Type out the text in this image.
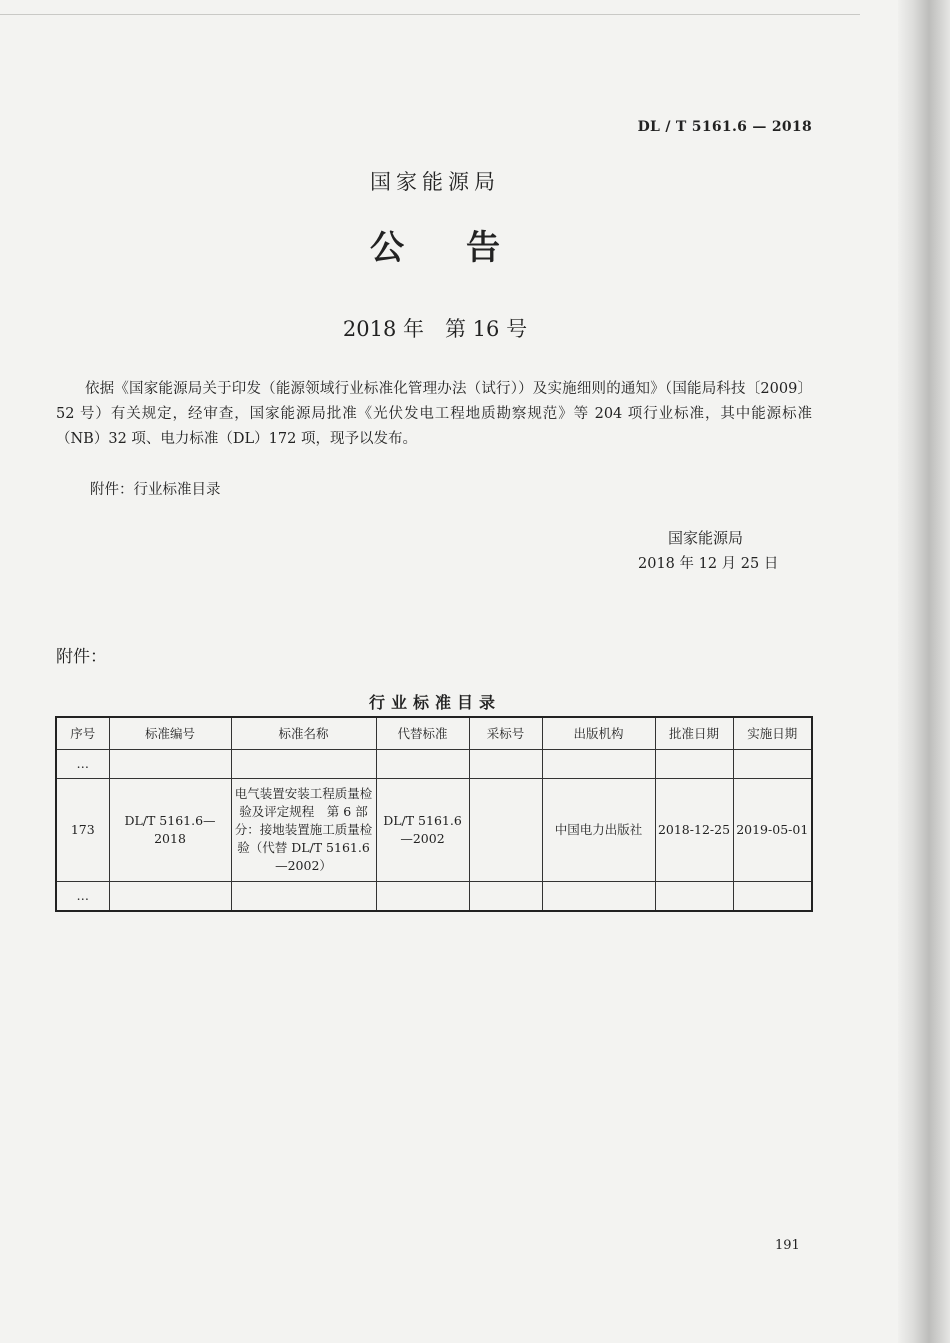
DL / T 5161.6 — 2018
国家能源局
公告
2018 年　第 16 号
依据《国家能源局关于印发（能源领域行业标准化管理办法（试行））及实施细则的通知》（国能局科技〔2009〕52 号）有关规定，经审查，国家能源局批准《光伏发电工程地质勘察规范》等 204 项行业标准，其中能源标准（NB）32 项、电力标准（DL）172 项，现予以发布。
附件：行业标准目录
国家能源局
2018 年 12 月 25 日
附件：
行业标准目录
序号	标准编号	标准名称	代替标准	采标号	出版机构	批准日期	实施日期
…							
173	DL/T 5161.6—2018	电气装置安装工程质量检验及评定规程　第 6 部分：接地装置施工质量检验（代替 DL/T 5161.6—2002）	DL/T 5161.6—2002		中国电力出版社	2018-12-25	2019-05-01
…							
191
